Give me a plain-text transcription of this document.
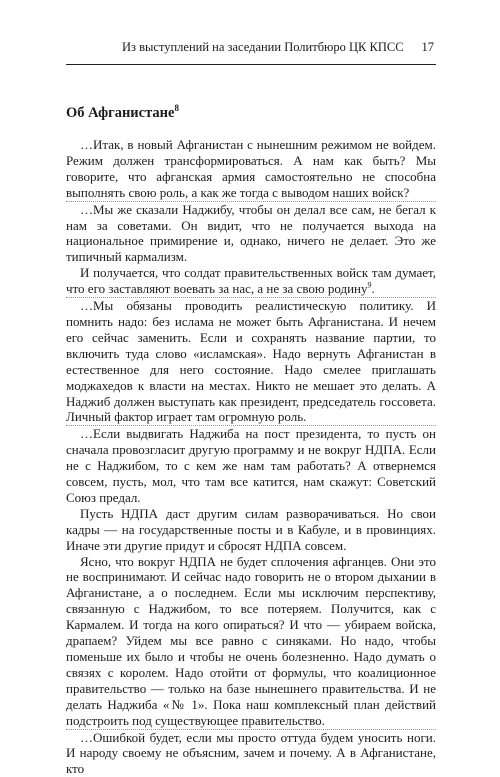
Из выступлений на заседании Политбюро ЦК КПСС 17
Об Афганистане$^8$

…Итак, в новый Афганистан с нынешним режимом не войдем. Режим должен трансформироваться. А нам как быть? Мы говорите, что афганская армия самостоятельно не способна выполнять свою роль, а как же тогда с выводом наших войск?

…Мы же сказали Наджибу, чтобы он делал все сам, не бегал к нам за советами. Он видит, что не получается выхода на национальное примирение и, однако, ничего не делает. Это же типичный кармализм.

И получается, что солдат правительственных войск там думает, что его заставляют воевать за нас, а не за свою родину$^9$.

…Мы обязаны проводить реалистическую политику. И помнить надо: без ислама не может быть Афганистана. И нечем его сейчас заменить. Если и сохранять название партии, то включить туда слово «исламская». Надо вернуть Афганистан в естественное для него состояние. Надо смелее приглашать моджахедов к власти на местах. Никто не мешает это делать. А Наджиб должен выступать как президент, председатель госсовета. Личный фактор играет там огромную роль.

…Если выдвигать Наджиба на пост президента, то пусть он сначала провозгласит другую программу и не вокруг НДПА. Если не с Наджибом, то с кем же нам там работать? А отвернемся совсем, пусть, мол, что там все катится, нам скажут: Советский Союз предал.

Пусть НДПА даст другим силам разворачиваться. Но свои кадры — на государственные посты и в Кабуле, и в провинциях. Иначе эти другие придут и сбросят НДПА совсем.

Ясно, что вокруг НДПА не будет сплочения афганцев. Они это не воспринимают. И сейчас надо говорить не о втором дыхании в Афганистане, а о последнем. Если мы исключим перспективу, связанную с Наджибом, то все потеряем. Получится, как с Кармалем. И тогда на кого опираться? И что — убираем войска, драпаем? Уйдем мы все равно с синяками. Но надо, чтобы поменьше их было и чтобы не очень болезненно. Надо думать о связях с королем. Надо отойти от формулы, что коалиционное правительство — только на базе нынешнего правительства. И не делать Наджиба «№ 1». Пока наш комплексный план действий подстроить под существующее правительство.

…Ошибкой будет, если мы просто оттуда будем уносить ноги. И народу своему не объясним, зачем и почему. А в Афганистане, кто
